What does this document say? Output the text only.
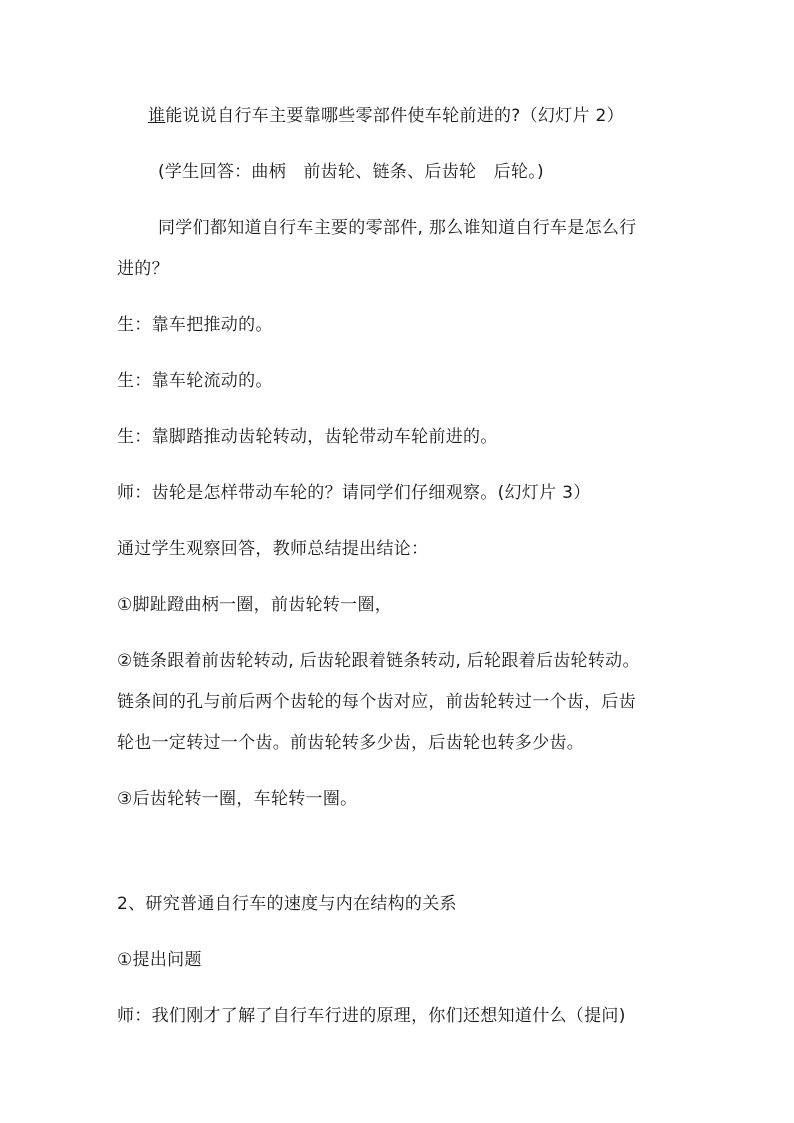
谁能说说自行车主要靠哪些零部件使车轮前进的?（幻灯片 2）
(学生回答：曲柄　前齿轮、链条、后齿轮　后轮。)
同学们都知道自行车主要的零部件, 那么谁知道自行车是怎么行
进的？
生：靠车把推动的。
生：靠车轮流动的。
生：靠脚踏推动齿轮转动，齿轮带动车轮前进的。
师：齿轮是怎样带动车轮的？请同学们仔细观察。(幻灯片 3）
通过学生观察回答，教师总结提出结论：
①脚趾蹬曲柄一圈，前齿轮转一圈，
②链条跟着前齿轮转动, 后齿轮跟着链条转动, 后轮跟着后齿轮转动。
链条间的孔与前后两个齿轮的每个齿对应，前齿轮转过一个齿，后齿
轮也一定转过一个齿。前齿轮转多少齿，后齿轮也转多少齿。
③后齿轮转一圈，车轮转一圈。
2、研究普通自行车的速度与内在结构的关系
①提出问题
师：我们刚才了解了自行车行进的原理，你们还想知道什么（提问)
